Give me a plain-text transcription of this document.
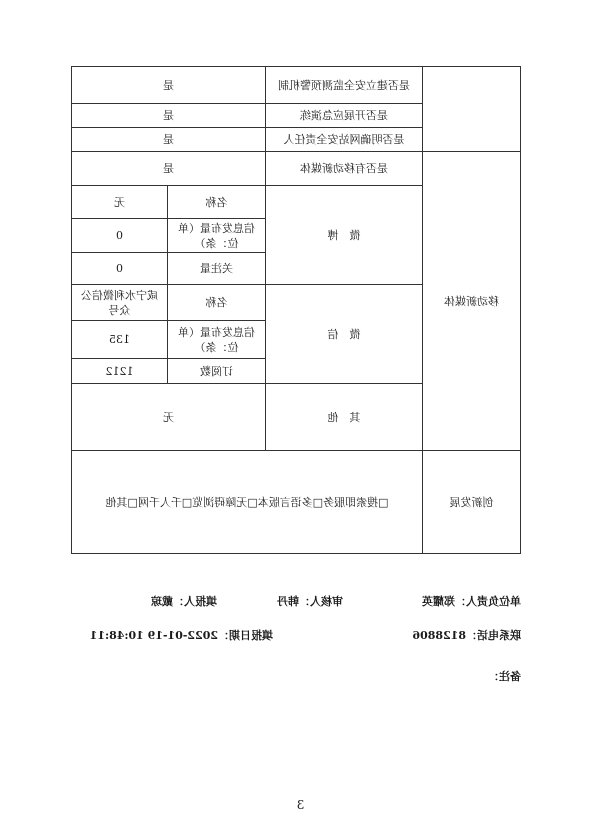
	是否建立安全监测预警机制	是	
	是否开展应急演练	是	
	是否明确网站安全责任人	是	
移动新媒体	是否有移动新媒体	是	
	微　博	名称	无
		信息发布量（单位：条）	0
		关注量	0
	微　信	名称	咸宁水利微信公众号
		信息发布量（单位：条）	135
		订阅数	1212
	其　他	无	
创新发展	□搜索即服务□多语言版本□无障碍浏览□千人千网□其他		
单位负责人：郑耀英
审核人：韩丹
填报人：戴琼
联系电话：8128806
填报日期：2022-01-19 10:48:11
备注：
3
